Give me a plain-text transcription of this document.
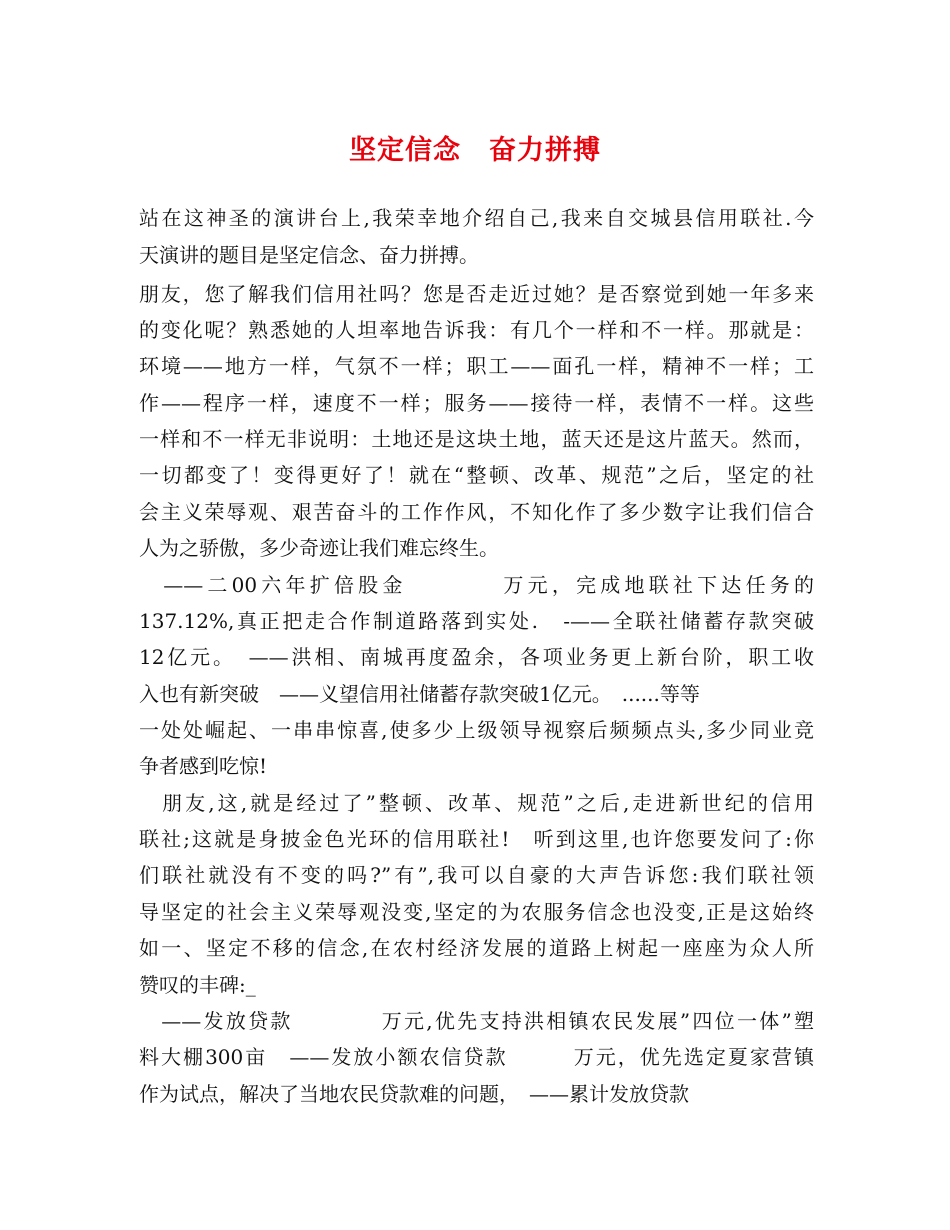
坚定信念　奋力拼搏
站在这神圣的演讲台上,我荣幸地介绍自己,我来自交城县信用联社.今
天演讲的题目是坚定信念、奋力拼搏。
朋友，您了解我们信用社吗？您是否走近过她？是否察觉到她一年多来
的变化呢？熟悉她的人坦率地告诉我：有几个一样和不一样。那就是：
环境——地方一样，气氛不一样；职工——面孔一样，精神不一样；工
作——程序一样，速度不一样；服务——接待一样，表情不一样。这些
一样和不一样无非说明：土地还是这块土地，蓝天还是这片蓝天。然而，
一切都变了！变得更好了！就在“整顿、改革、规范”之后，坚定的社
会主义荣辱观、艰苦奋斗的工作作风，不知化作了多少数字让我们信合
人为之骄傲，多少奇迹让我们难忘终生。
　——二00六年扩倍股金　　　　万元，完成地联社下达任务的
137.12%,真正把走合作制道路落到实处.　-——全联社储蓄存款突破
12亿元。　——洪相、南城再度盈余，各项业务更上新台阶，职工收
入也有新突破　——义望信用社储蓄存款突破1亿元。　......等等
一处处崛起、一串串惊喜,使多少上级领导视察后频频点头,多少同业竞
争者感到吃惊!
　朋友,这,就是经过了”整顿、改革、规范”之后,走进新世纪的信用
联社;这就是身披金色光环的信用联社!　听到这里,也许您要发问了:你
们联社就没有不变的吗?”有”,我可以自豪的大声告诉您:我们联社领
导坚定的社会主义荣辱观没变,坚定的为农服务信念也没变,正是这始终
如一、坚定不移的信念,在农村经济发展的道路上树起一座座为众人所
赞叹的丰碑:_
　——发放贷款　　　　万元,优先支持洪相镇农民发展”四位一体”塑
料大棚300亩　——发放小额农信贷款　　　万元，优先选定夏家营镇
作为试点，解决了当地农民贷款难的问题，　——累计发放贷款
